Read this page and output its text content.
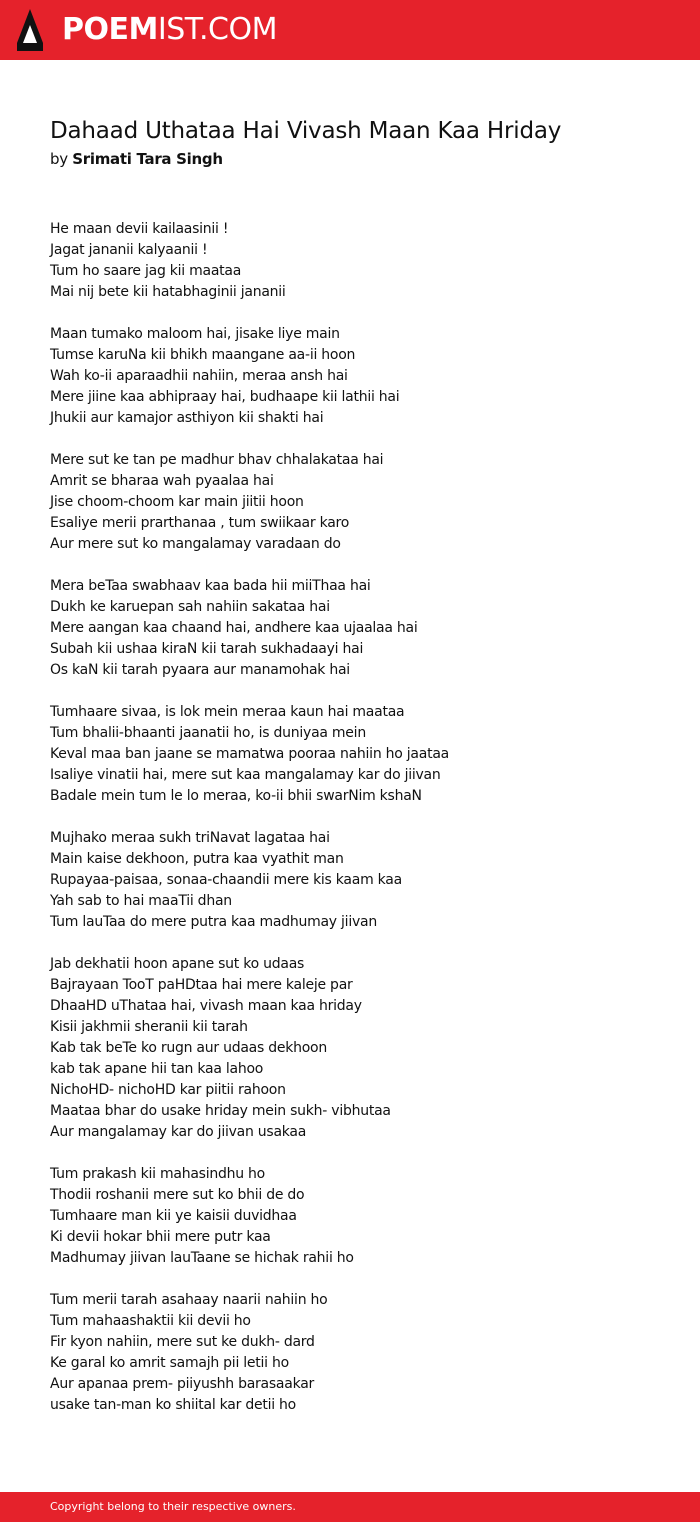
POEMIST.COM
Dahaad Uthataa Hai Vivash Maan Kaa Hriday
by Srimati Tara Singh
He maan devii kailaasinii !
Jagat jananii kalyaanii !
Tum ho saare jag kii maataa
Mai nij bete kii hatabhaginii jananii
Maan tumako maloom hai, jisake liye main
Tumse karuNa kii bhikh maangane aa-ii hoon
Wah ko-ii aparaadhii nahiin, meraa ansh hai
Mere jiine kaa abhipraay hai, budhaape kii lathii hai
Jhukii aur kamajor asthiyon kii shakti hai
Mere sut ke tan pe madhur bhav chhalakataa hai
Amrit se bharaa wah pyaalaa hai
Jise choom-choom kar main jiitii hoon
Esaliye merii prarthanaa , tum swiikaar karo
Aur mere sut ko mangalamay varadaan do
Mera beTaa swabhaav kaa bada hii miiThaa hai
Dukh ke karuepan sah nahiin sakataa hai
Mere aangan kaa chaand hai, andhere kaa ujaalaa hai
Subah kii ushaa kiraN kii tarah sukhadaayi hai
Os kaN kii tarah pyaara aur manamohak hai
Tumhaare sivaa, is lok mein meraa kaun hai maataa
Tum bhalii-bhaanti jaanatii ho, is duniyaa mein
Keval maa ban jaane se mamatwa pooraa nahiin ho jaataa
Isaliye vinatii hai, mere sut kaa mangalamay kar do jiivan
Badale mein tum le lo meraa, ko-ii bhii swarNim kshaN
Mujhako meraa sukh triNavat lagataa hai
Main kaise dekhoon, putra kaa vyathit man
Rupayaa-paisaa, sonaa-chaandii mere kis kaam kaa
Yah sab to hai maaTii dhan
Tum lauTaa do mere putra kaa madhumay jiivan
Jab dekhatii hoon apane sut ko udaas
Bajrayaan TooT paHDtaa hai mere kaleje par
DhaaHD uThataa hai, vivash maan kaa hriday
Kisii jakhmii sheranii kii tarah
Kab tak beTe ko rugn aur udaas dekhoon
kab tak apane hii tan kaa lahoo
NichoHD- nichoHD kar piitii rahoon
Maataa bhar do usake hriday mein sukh- vibhutaa
Aur mangalamay kar do jiivan usakaa
Tum prakash kii mahasindhu ho
Thodii roshanii mere sut ko bhii de do
Tumhaare man kii ye kaisii duvidhaa
Ki devii hokar bhii mere putr kaa
Madhumay jiivan lauTaane se hichak rahii ho
Tum merii tarah asahaay naarii nahiin ho
Tum mahaashaktii kii devii ho
Fir kyon nahiin, mere sut ke dukh- dard
Ke garal ko amrit samajh pii letii ho
Aur apanaa prem- piiyushh barasaakar
usake tan-man ko shiital kar detii ho
Copyright belong to their respective owners.
